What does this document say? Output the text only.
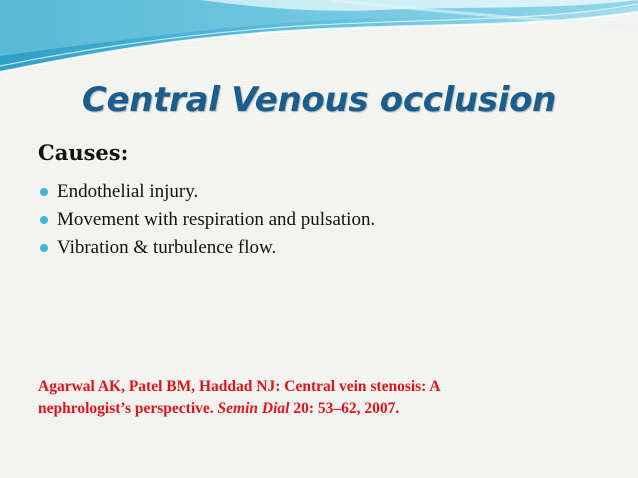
Central Venous occlusion
Causes:
Endothelial injury.
Movement with respiration and pulsation.
Vibration & turbulence flow.
Agarwal AK, Patel BM, Haddad NJ: Central vein stenosis: A
nephrologist’s perspective. Semin Dial 20: 53–62, 2007.
